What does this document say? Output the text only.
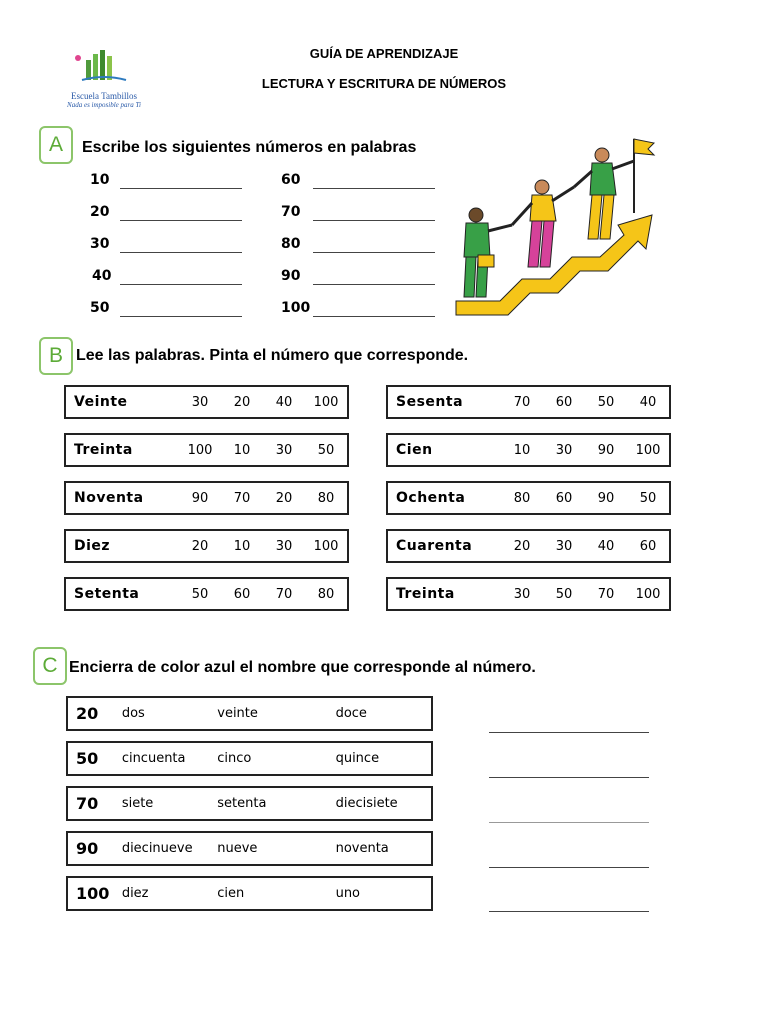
GUÍA DE APRENDIZAJE
LECTURA Y ESCRITURA DE NÚMEROS
Escuela Tambillos
Nada es imposible para Ti
A	Escribe los siguientes números en palabras
10
20
30
40
50
60
70
80
90
100
B Lee las palabras. Pinta el número que corresponde.
Veinte	30	20	40	100
Treinta	100	10	30	50
Noventa	90	70	20	80
Diez	20	10	30	100
Setenta	50	60	70	80
Sesenta	70	60	50	40
Cien	10	30	90	100
Ochenta	80	60	90	50
Cuarenta	20	30	40	60
Treinta	30	50	70	100
C Encierra de color azul el nombre que corresponde al número.
20	dos	veinte	doce
50	cincuenta	cinco	quince
70	siete	setenta	diecisiete
90	diecinueve	nueve	noventa
100 diez	cien	uno
